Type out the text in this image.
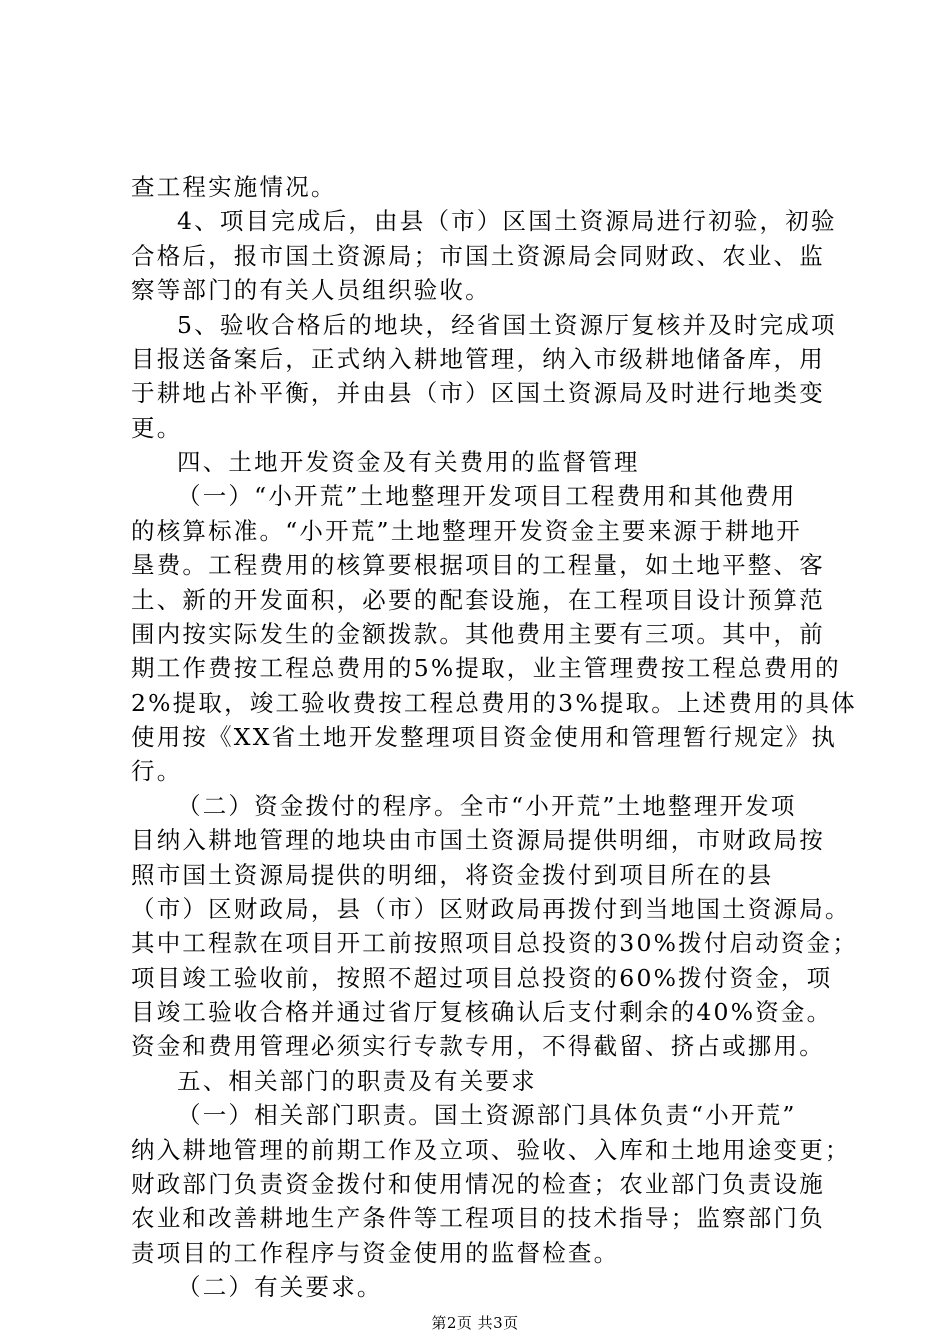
查工程实施情况。
4、项目完成后，由县（市）区国土资源局进行初验，初验
合格后，报市国土资源局；市国土资源局会同财政、农业、监
察等部门的有关人员组织验收。
5、验收合格后的地块，经省国土资源厅复核并及时完成项
目报送备案后，正式纳入耕地管理，纳入市级耕地储备库，用
于耕地占补平衡，并由县（市）区国土资源局及时进行地类变
更。
四、土地开发资金及有关费用的监督管理
（一）“小开荒”土地整理开发项目工程费用和其他费用
的核算标准。“小开荒”土地整理开发资金主要来源于耕地开
垦费。工程费用的核算要根据项目的工程量，如土地平整、客
土、新的开发面积，必要的配套设施，在工程项目设计预算范
围内按实际发生的金额拨款。其他费用主要有三项。其中，前
期工作费按工程总费用的5%提取，业主管理费按工程总费用的
2%提取，竣工验收费按工程总费用的3%提取。上述费用的具体
使用按《XX省土地开发整理项目资金使用和管理暂行规定》执
行。
（二）资金拨付的程序。全市“小开荒”土地整理开发项
目纳入耕地管理的地块由市国土资源局提供明细，市财政局按
照市国土资源局提供的明细，将资金拨付到项目所在的县
（市）区财政局，县（市）区财政局再拨付到当地国土资源局。
其中工程款在项目开工前按照项目总投资的30%拨付启动资金；
项目竣工验收前，按照不超过项目总投资的60%拨付资金，项
目竣工验收合格并通过省厅复核确认后支付剩余的40%资金。
资金和费用管理必须实行专款专用，不得截留、挤占或挪用。
五、相关部门的职责及有关要求
（一）相关部门职责。国土资源部门具体负责“小开荒”
纳入耕地管理的前期工作及立项、验收、入库和土地用途变更；
财政部门负责资金拨付和使用情况的检查；农业部门负责设施
农业和改善耕地生产条件等工程项目的技术指导；监察部门负
责项目的工作程序与资金使用的监督检查。
（二）有关要求。
第2页 共3页
